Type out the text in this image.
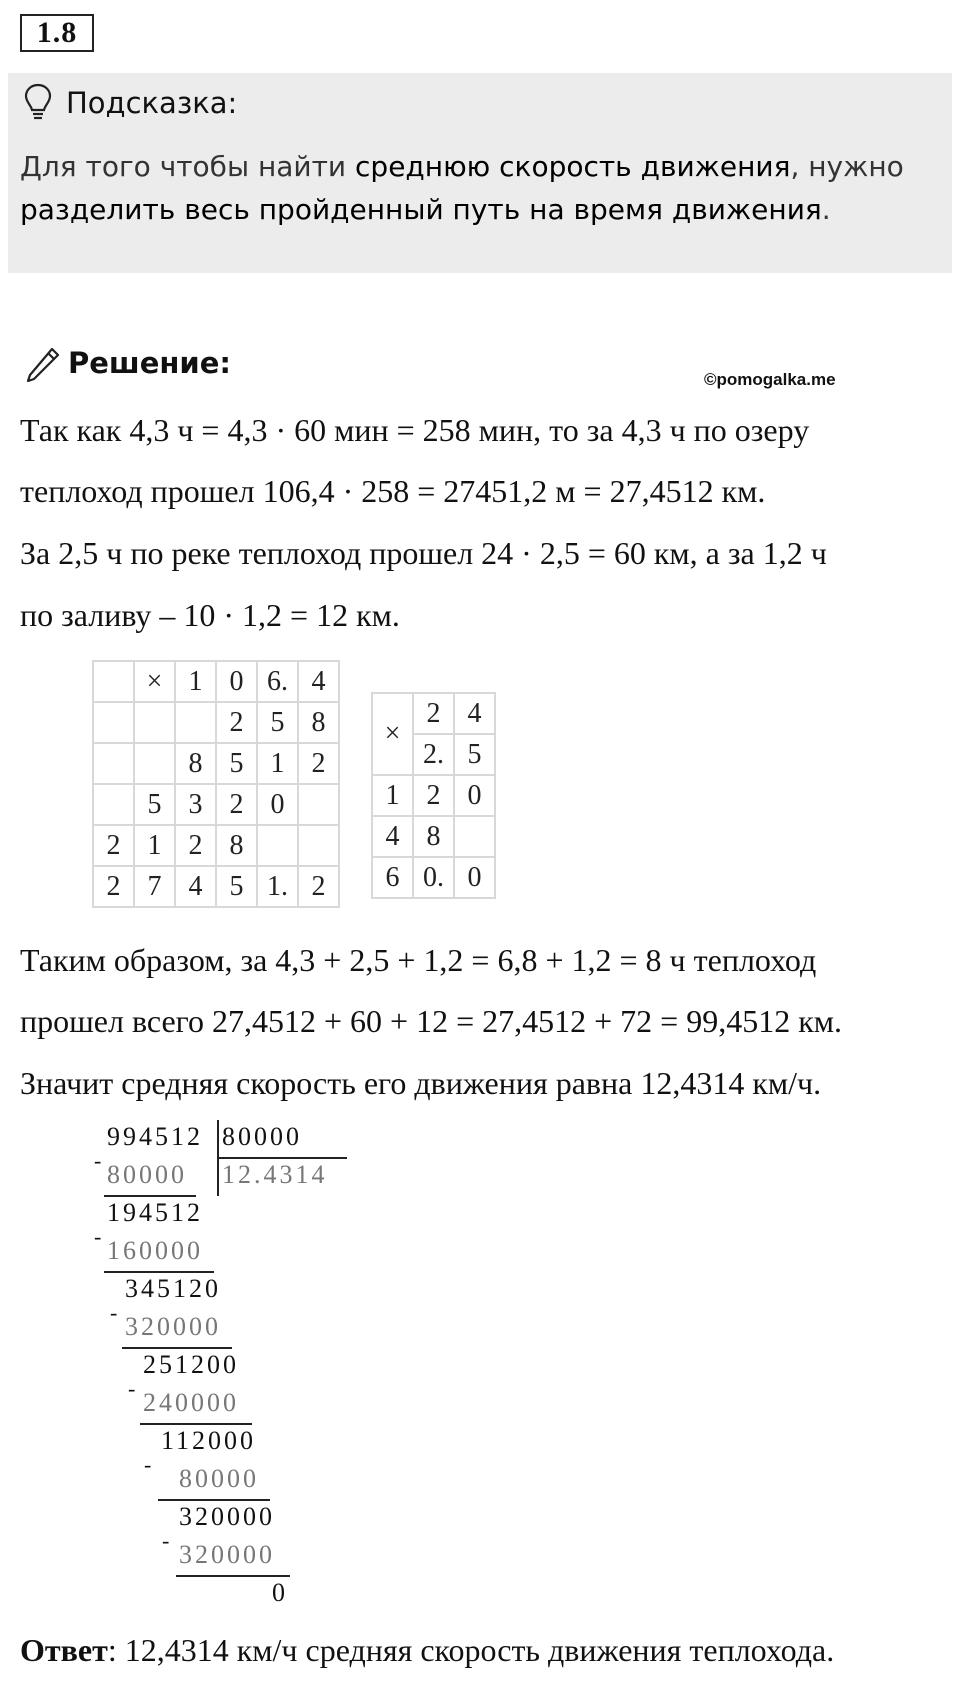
1.8
Подсказка:
Для того чтобы найти среднюю скорость движения, нужно
разделить весь пройденный путь на время движения.
Решение:	©pomogalka.me
Так как 4,3 ч = 4,3 · 60 мин = 258 мин, то за 4,3 ч по озеру
теплоход прошел 106,4 · 258 = 27451,2 м = 27,4512 км.
За 2,5 ч по реке теплоход прошел 24 · 2,5 = 60 км, а за 1,2 ч
по заливу – 10 · 1,2 = 12 км.
	×	1	0	6.	4
			2	5	8
		8	5	1	2
	5	3	2	0	
2	1	2	8		
2	7	4	5	1.	2
×	2	4
	2.	5
1	2	0
4	8	
6	0.	0
Таким образом, за 4,3 + 2,5 + 1,2 = 6,8 + 1,2 = 8 ч теплоход
прошел всего 27,4512 + 60 + 12 = 27,4512 + 72 = 99,4512 км.
Значит средняя скорость его движения равна 12,4314 км/ч.
994512 80000
12.4314
- 80000
194512
- 160000
345120
- 320000
251200
- 240000
112000
- 80000
320000
- 320000
0
Ответ: 12,4314 км/ч средняя скорость движения теплохода.
